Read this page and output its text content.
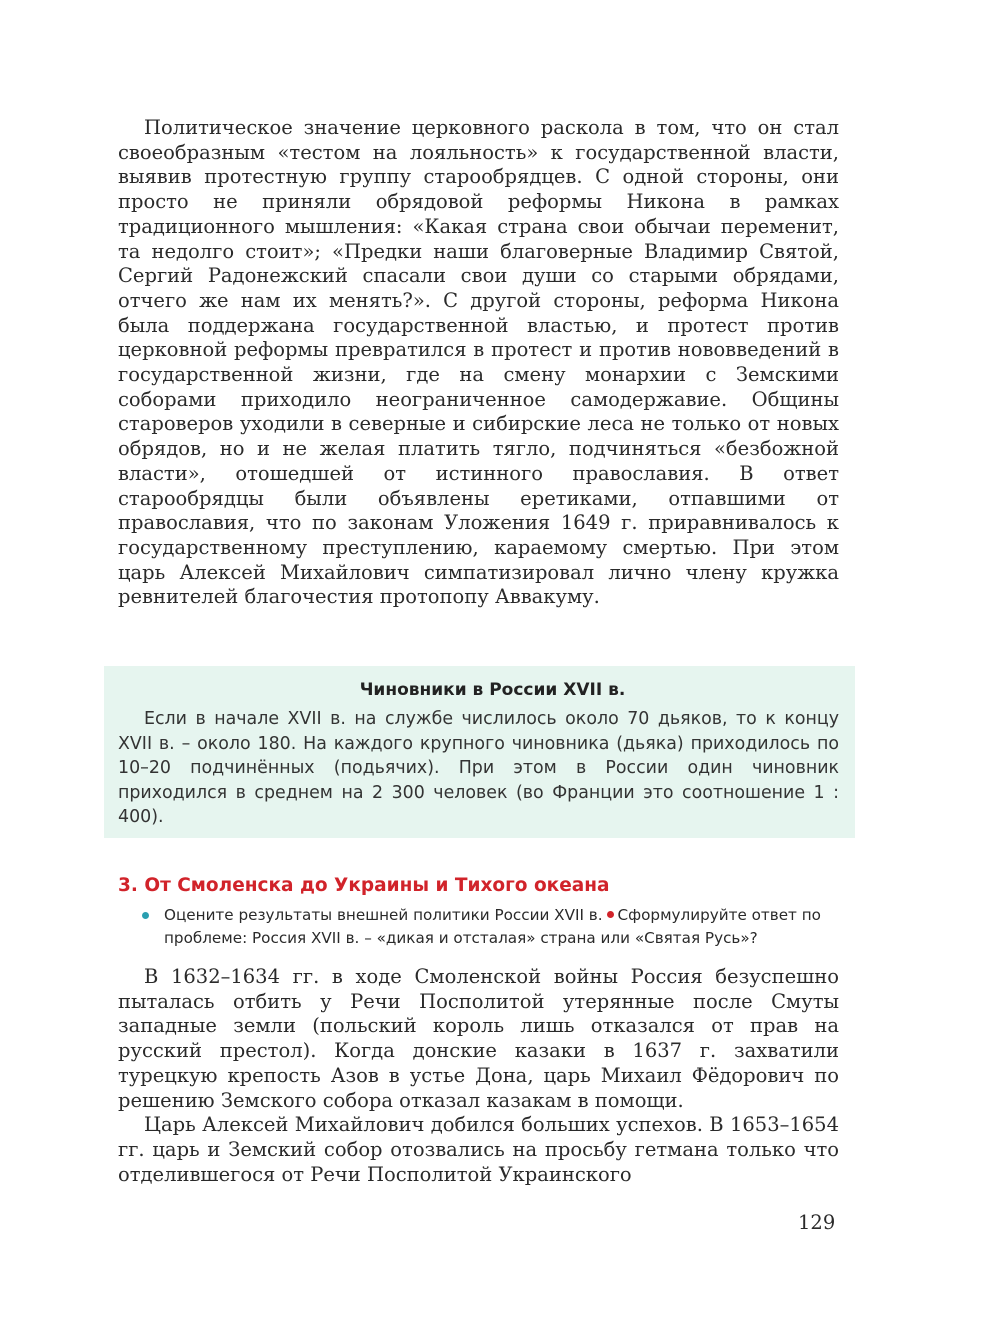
Политическое значение церковного раскола в том, что он стал своеобразным «тестом на лояльность» к государственной власти, выявив протестную группу старообрядцев. С одной стороны, они просто не приняли обрядовой реформы Никона в рамках традиционного мышления: «Какая страна свои обычаи переменит, та недолго стоит»; «Предки наши благоверные Владимир Святой, Сергий Радонежский спасали свои души со старыми обрядами, отчего же нам их менять?». С другой стороны, реформа Никона была поддержана государственной властью, и протест против церковной реформы превратился в протест и против нововведений в государственной жизни, где на смену монархии с Земскими соборами приходило неограниченное самодержавие. Общины староверов уходили в северные и сибирские леса не только от новых обрядов, но и не желая платить тягло, подчиняться «безбожной власти», отошедшей от истинного православия. В ответ старообрядцы были объявлены еретиками, отпавшими от православия, что по законам Уложения 1649 г. приравнивалось к государственному преступлению, караемому смертью. При этом царь Алексей Михайлович симпатизировал лично члену кружка ревнителей благочестия протопопу Аввакуму.

Чиновники в России XVII в.

Если в начале XVII в. на службе числилось около 70 дьяков, то к концу XVII в. – около 180. На каждого крупного чиновника (дьяка) приходилось по 10–20 подчинённых (подьячих). При этом в России один чиновник приходился в среднем на 2 300 человек (во Франции это соотношение 1 : 400).

3. От Смоленска до Украины и Тихого океана
Оцените результаты внешней политики России XVII в. Сформулируйте ответ по проблеме: Россия XVII в. – «дикая и отсталая» страна или «Святая Русь»?

В 1632–1634 гг. в ходе Смоленской войны Россия безуспешно пыталась отбить у Речи Посполитой утерянные после Смуты западные земли (польский король лишь отказался от прав на русский престол). Когда донские казаки в 1637 г. захватили турецкую крепость Азов в устье Дона, царь Михаил Фёдорович по решению Земского собора отказал казакам в помощи.

Царь Алексей Михайлович добился больших успехов. В 1653–1654 гг. царь и Земский собор отозвались на просьбу гетмана только что отделившегося от Речи Посполитой Украинского

129
